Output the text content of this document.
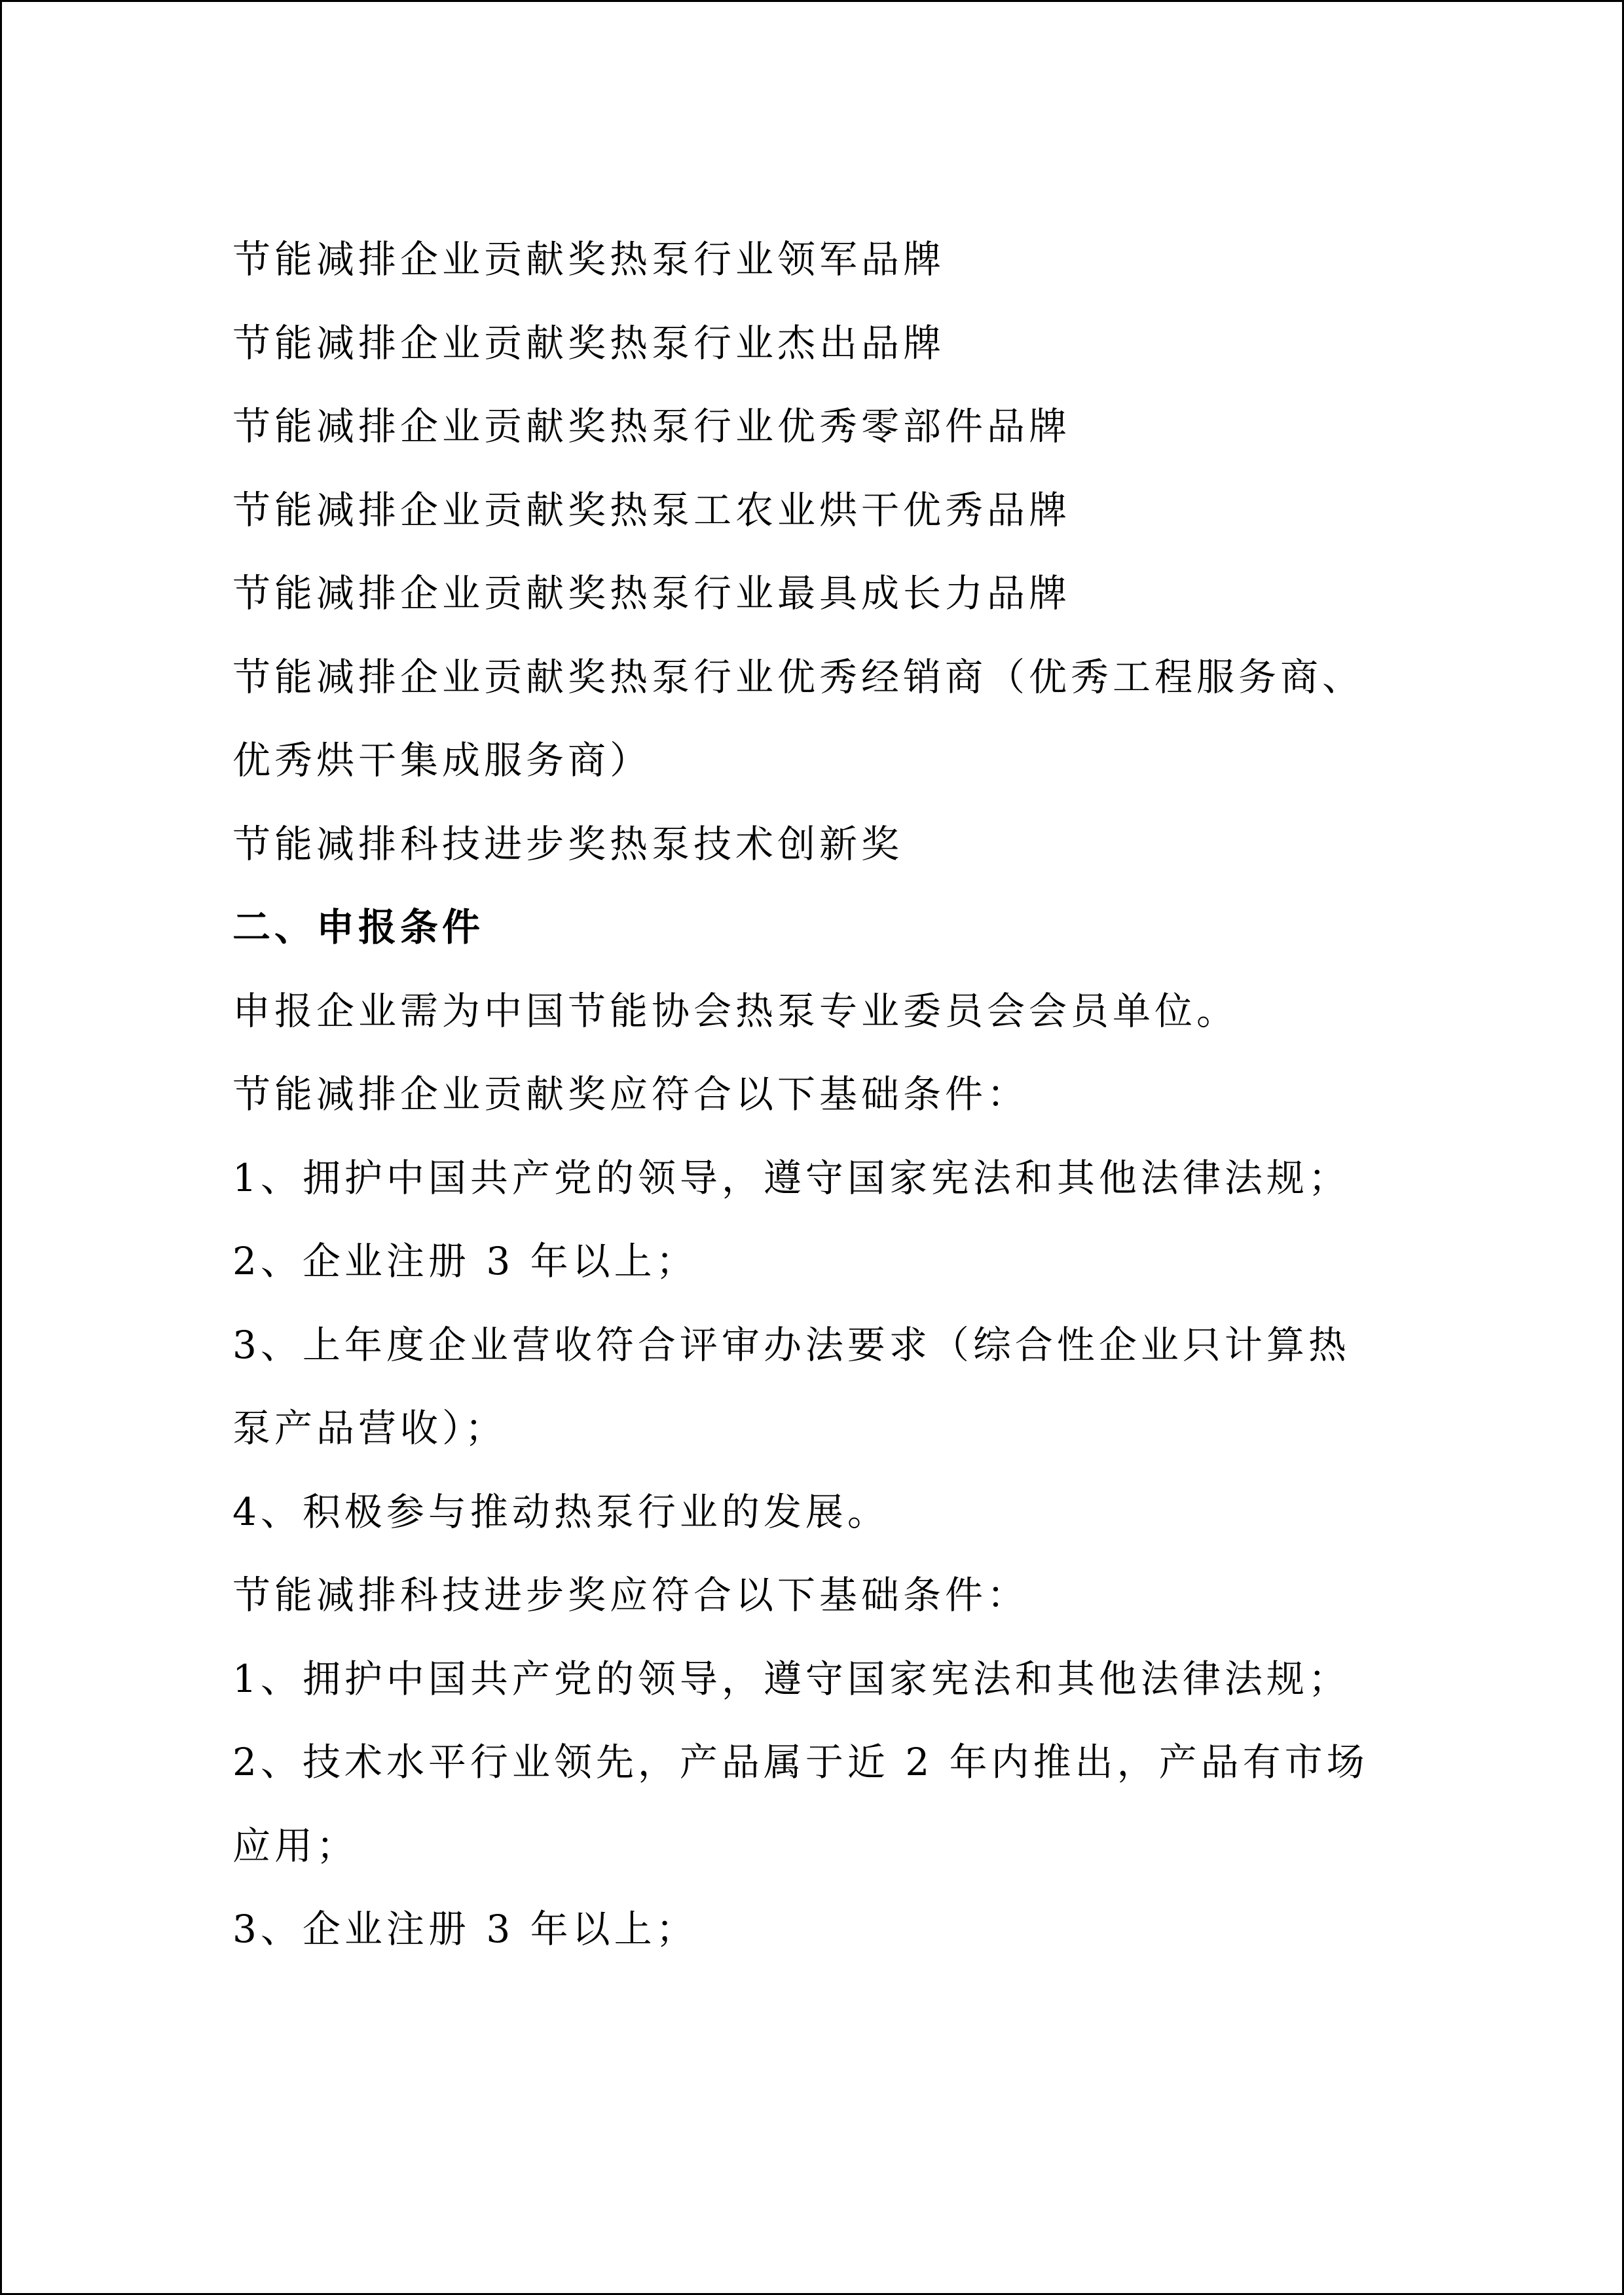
节能减排企业贡献奖热泵行业领军品牌
节能减排企业贡献奖热泵行业杰出品牌
节能减排企业贡献奖热泵行业优秀零部件品牌
节能减排企业贡献奖热泵工农业烘干优秀品牌
节能减排企业贡献奖热泵行业最具成长力品牌
节能减排企业贡献奖热泵行业优秀经销商（优秀工程服务商、
优秀烘干集成服务商）
节能减排科技进步奖热泵技术创新奖
二、申报条件
申报企业需为中国节能协会热泵专业委员会会员单位。
节能减排企业贡献奖应符合以下基础条件：
1、拥护中国共产党的领导，遵守国家宪法和其他法律法规；
2、企业注册 3 年以上；
3、上年度企业营收符合评审办法要求（综合性企业只计算热
泵产品营收）；
4、积极参与推动热泵行业的发展。
节能减排科技进步奖应符合以下基础条件：
1、拥护中国共产党的领导，遵守国家宪法和其他法律法规；
2、技术水平行业领先，产品属于近 2 年内推出，产品有市场
应用；
3、企业注册 3 年以上；
